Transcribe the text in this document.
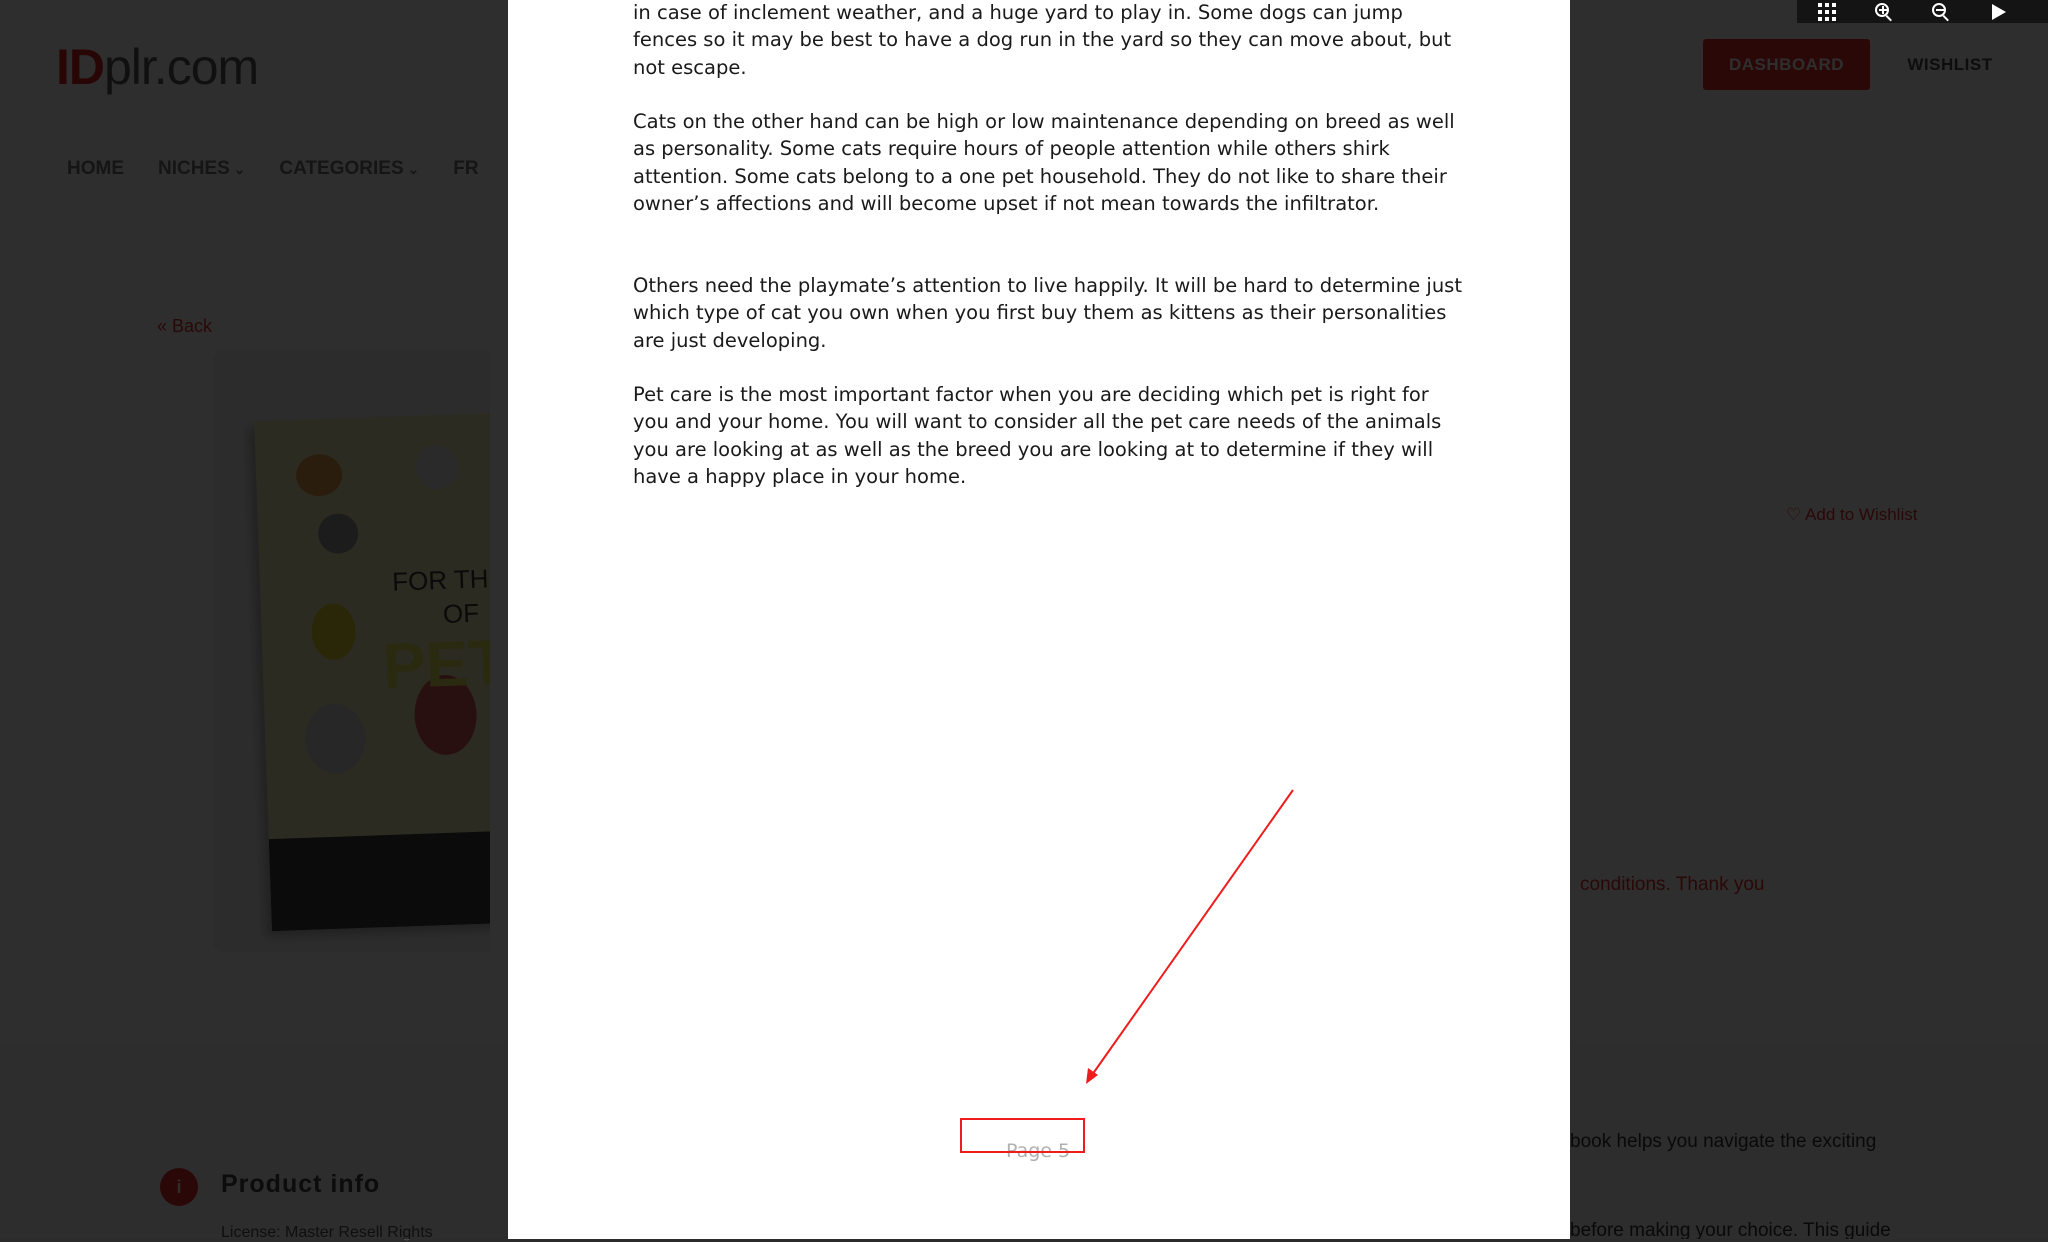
⌄
⌄

in case of inclement weather, and a huge yard to play in. Some dogs can jump fences so it may be best to have a dog run in the yard so they can move about, but not escape.

Cats on the other hand can be high or low maintenance depending on breed as well as personality. Some cats require hours of people attention while others shirk attention. Some cats belong to a one pet household. They do not like to share their owner’s affections and will become upset if not mean towards the infiltrator.

Others need the playmate’s attention to live happily. It will be hard to determine just which type of cat you own when you first buy them as kittens as their personalities are just developing.

Pet care is the most important factor when you are deciding which pet is right for you and your home. You will want to consider all the pet care needs of the animals you are looking at as well as the breed you are looking at to determine if they will have a happy place in your home.

Page 5
